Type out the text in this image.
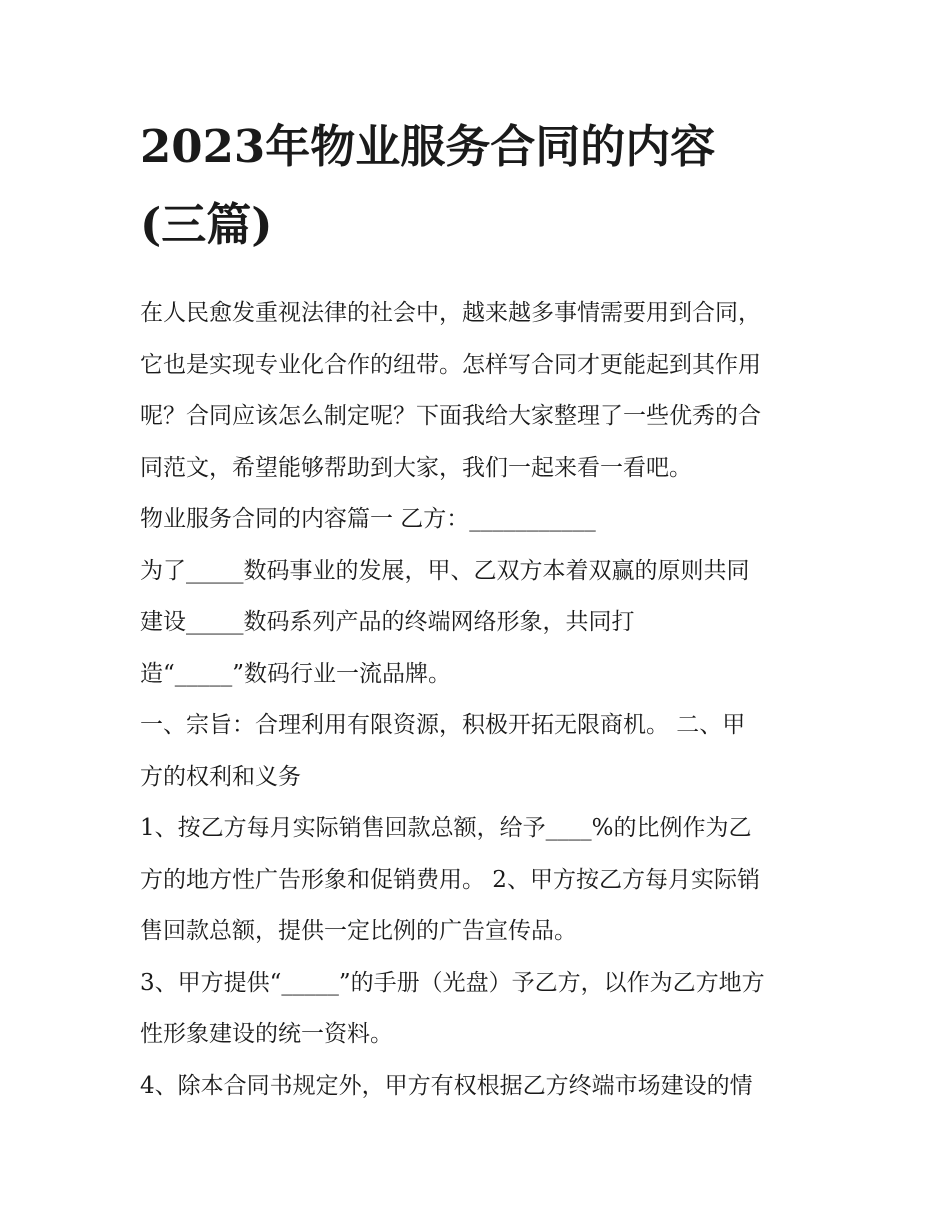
2023年物业服务合同的内容
(三篇)
在人民愈发重视法律的社会中，越来越多事情需要用到合同，
它也是实现专业化合作的纽带。怎样写合同才更能起到其作用
呢？合同应该怎么制定呢？下面我给大家整理了一些优秀的合
同范文，希望能够帮助到大家，我们一起来看一看吧。
物业服务合同的内容篇一 乙方：___________
为了_____数码事业的发展，甲、乙双方本着双赢的原则共同
建设_____数码系列产品的终端网络形象，共同打
造“_____”数码行业一流品牌。
一、宗旨：合理利用有限资源，积极开拓无限商机。 二、甲
方的权利和义务
1、按乙方每月实际销售回款总额，给予____%的比例作为乙
方的地方性广告形象和促销费用。 2、甲方按乙方每月实际销
售回款总额，提供一定比例的广告宣传品。
3、甲方提供“_____”的手册（光盘）予乙方，以作为乙方地方
性形象建设的统一资料。
4、除本合同书规定外，甲方有权根据乙方终端市场建设的情
